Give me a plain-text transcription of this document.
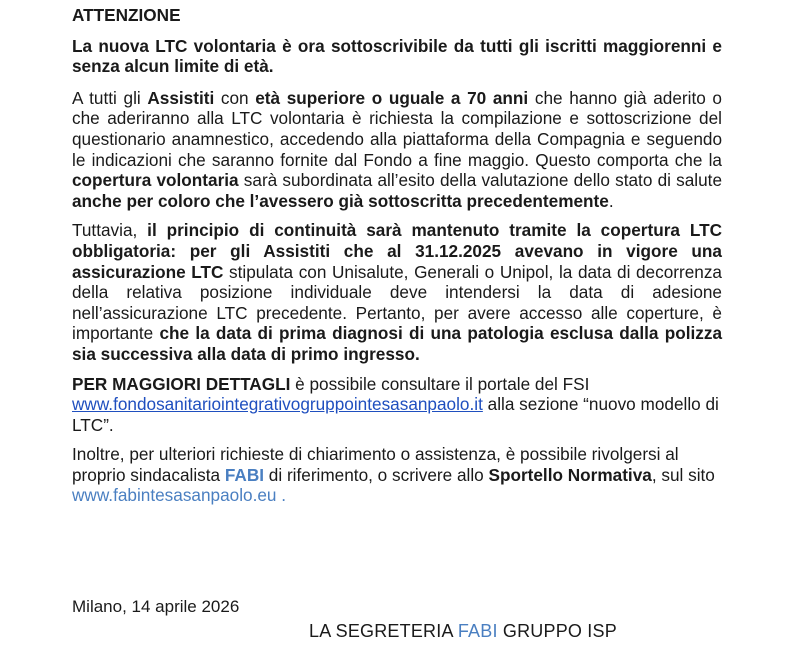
ATTENZIONE

La nuova LTC volontaria è ora sottoscrivibile da tutti gli iscritti maggiorenni e senza alcun limite di età.

A tutti gli Assistiti con età superiore o uguale a 70 anni che hanno già aderito o che aderiranno alla LTC volontaria è richiesta la compilazione e sottoscrizione del questionario anamnestico, accedendo alla piattaforma della Compagnia e seguendo le indicazioni che saranno fornite dal Fondo a fine maggio. Questo comporta che la copertura volontaria sarà subordinata all’esito della valutazione dello stato di salute anche per coloro che l’avessero già sottoscritta precedentemente.

Tuttavia, il principio di continuità sarà mantenuto tramite la copertura LTC obbligatoria: per gli Assistiti che al 31.12.2025 avevano in vigore una assicurazione LTC stipulata con Unisalute, Generali o Unipol, la data di decorrenza della relativa posizione individuale deve intendersi la data di adesione nell’assicurazione LTC precedente. Pertanto, per avere accesso alle coperture, è importante che la data di prima diagnosi di una patologia esclusa dalla polizza sia successiva alla data di primo ingresso.

PER MAGGIORI DETTAGLI è possibile consultare il portale del FSI
www.fondosanitariointegrativogruppointesasanpaolo.it alla sezione “nuovo modello di LTC”.

Inoltre, per ulteriori richieste di chiarimento o assistenza, è possibile rivolgersi al proprio sindacalista FABI di riferimento, o scrivere allo Sportello Normativa, sul sito www.fabintesasanpaolo.eu .

Milano, 14 aprile 2026
LA SEGRETERIA FABI GRUPPO ISP
